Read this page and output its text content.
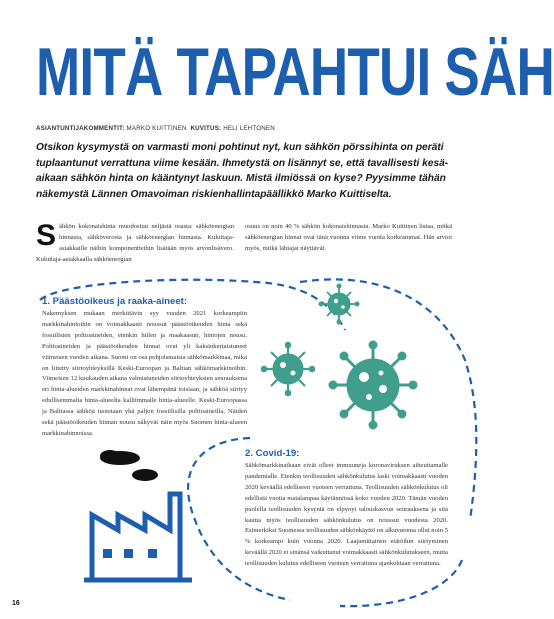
MITÄ TAPAHTUI SÄH
ASIANTUNTIJAKOMMENTIT: MARKO KUITTINEN KUVITUS: HELI LEHTONEN
Otsikon kysymystä on varmasti moni pohtinut nyt, kun sähkön pörssihinta on peräti tuplaantunut verrattuna viime kesään. Ihmetystä on lisännyt se, että tavallisesti kesä-aikaan sähkön hinta on kääntynyt laskuun. Mistä ilmiössä on kyse? Pyysimme tähän näkemystä Lännen Omavoiman riskienhallintapäällikkö Marko Kuittiselta.
Sähkön kokonaishinta muodostuu neljästä osasta: sähköenergian hinnasta, sähköverosta ja sähköenergian hinnasta. Kuluttaja-asiakkaille näihin komponentteihin lisätään myös arvonlisävero. Kuluttaja-asiakkaalla sähköenergian
osuus on noin 40 % sähkön kokonaishinnasta. Marko Kuittinen listaa, mitkä sähköenergian hinnat ovat tänä vuonna viime vuotta korkeammat. Hän arvioi myös, mitkä lähiajat näyttävät.
1. Päästöoikeus ja raaka-aineet:
Nakemyksen mukaan merkittävin syy vuoden 2021 korkeampiin markkinahintoihin on voimakkaasti noussut päästöoikeuden hinta sekä fossiilisten polttoaineiden, etenkin hiilen ja maakaasun, hintojen nousu. Polttoaineiden ja päästöoikeuden hinnat ovat yli kaksinkertaistuneet viimeisen vuoden aikana. Suomi on osa pohjoismaista sähkömarkkinaa, mikä on liitetty siirtoyhteyksillä Keski-Euroopan ja Baltian sähkömarkkinoihin. Viimeisen 12 kuukauden aikana valmistuneiden siirtoyhteyksien seurauksena eri hinta-alueiden markkinahinnat ovat lähempänä toisiaan, ja sähköä siirtyy edullisemmalta hinta-alueelta kalliimmalle hinta-alueelle. Keski-Euroopassa ja Baltiassa sähköä tuotetaan yhä paljon fossiilisilla polttoaineilla. Näiden sekä päästöoikeuden hinnan nousu näkyvät näin myös Suomen hinta-alueen markkinahinnoissa.
2. Covid-19:
Sähkömarkkinatkaan eivät olleet immuuneja koronaviruksen aiheuttamalle pandemialle. Etenkin teollisuuden sähkönkulutus laski voimakkaasti vuoden 2020 keväällä edelliseen vuoteen verrattuna. Teollisuuden sähkönkulutus oli edellistä vuotta matalampaa käytännössä koko vuoden 2020. Tämän vuoden puolella teollisuuden kysyntä on elpynyt talouskasvun seurauksena ja sitä kautta myös teollisuuden sähkönkulutus on noussut vuodesta 2020. Esimerkiksi Suomessa teollisuuden sähkönkäyttö on alkuvuonna ollut noin 5 % korkeampi kuin vuonna 2020. Laajamittainen etätöihin siirtyminen keväällä 2020 ei sinänsä vaikuttanut voimakkaasti sähkönkulutukseen, mutta teollisuuden kulutus edelliseen vuoteen verrattuna ajankohtaan verrattuna.
16
